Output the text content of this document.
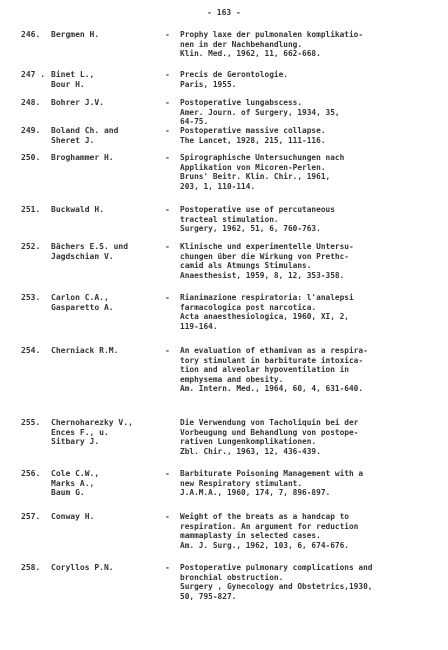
- 163 -
246.	Bergmen H.	-	Prophy laxe der pulmonalen komplikatio-
nen in der Nachbehandlung.
Klin. Med., 1962, 11, 662-668.
247 . Binet L.,
Bour H.
-	Precis de Gerontologie.
Paris, 1955.
248.	Bohrer J.V.	-	Postoperative lungabscess.
Amer. Journ. of Surgery, 1934, 35,
64-75.
249.	Boland Ch. and
Sheret J.
-	Postoperative massive collapse.
The Lancet, 1928, 215, 111-116.
250.	Broghammer H.	-	Spirographische Untersuchungen nach
Applikation von Micoren-Perlen.
Bruns' Beitr. Klin. Chir., 1961,
203, 1, 110-114.
251.	Buckwald H.	-	Postoperative use of percutaneous
tracteal stimulation.
Surgery, 1962, 51, 6, 760-763.
252.	Bächers E.S. und
Jagdschian V.
-	Klinische und experimentelle Untersu-
chungen über die Wirkung von Prethc-
camid als Atmungs Stimulans.
Anaesthesist, 1959, 8, 12, 353-358.
253.	Carlon C.A.,
Gasparetto A.
-	Rianimazione respiratoria: l'analepsi
farmacologica post narcotica.
Acta anaesthesiologica, 1960, XI, 2,
119-164.
254.	Cherniack R.M.	-	An evaluation of ethamivan as a respira-
tory stimulant in barbiturate intoxica-
tion and alveolar hypoventilation in
emphysema and obesity.
Am. Intern. Med., 1964, 60, 4, 631-640.
255.	Chernoharezky V.,
Ences F., u.
Sitbary J.
Die Verwendung von Tacholiquin bei der
Vorbeugung und Behandlung von postope-
rativen Lungenkomplikationen.
Zbl. Chir., 1963, 12, 436-439.
256.	Cole C.W.,
Marks A.,
Baum G.
-	Barbiturate Poisoning Management with a
new Respiratory stimulant.
J.A.M.A., 1960, 174, 7, 896-897.
257.	Conway H.	-	Weight of the breats as a handcap to
respiration. An argument for reduction
mammaplasty in selected cases.
Am. J. Surg., 1962, 103, 6, 674-676.
258.	Coryllos P.N.	-	Postoperative pulmonary complications and
bronchial obstruction.
Surgery , Gynecology and Obstetrics,1930,
50, 795-827.
